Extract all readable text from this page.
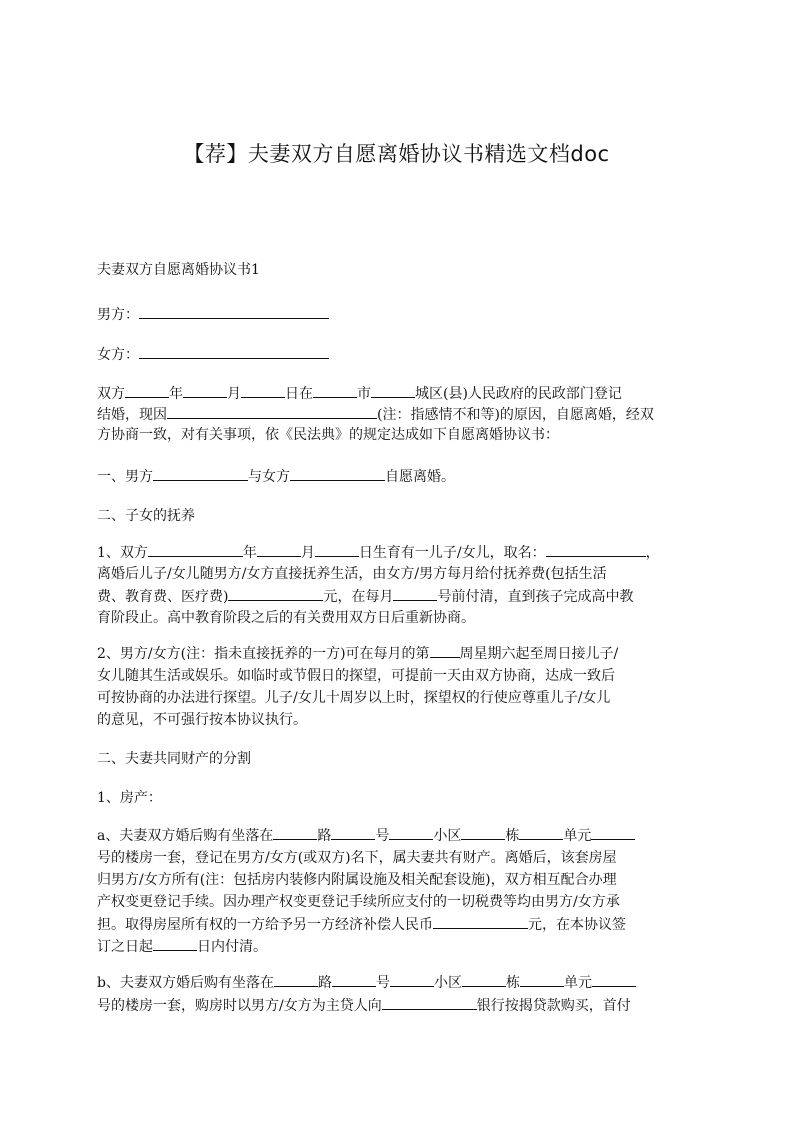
【荐】夫妻双方自愿离婚协议书精选文档doc
夫妻双方自愿离婚协议书1
男方：
女方：
双方	年	月	日在	市	城区(县)人民政府的民政部门登记
结婚，现因	(注：指感情不和等)的原因，自愿离婚，经双
方协商一致，对有关事项，依《民法典》的规定达成如下自愿离婚协议书：
一、男方	与女方	自愿离婚。
二、子女的抚养
1、双方	年	月	日生育有一儿子/女儿，取名：	，
离婚后儿子/女儿随男方/女方直接抚养生活，由女方/男方每月给付抚养费(包括生活
费、教育费、医疗费)	元，在每月	号前付清，直到孩子完成高中教
育阶段止。高中教育阶段之后的有关费用双方日后重新协商。
2、男方/女方(注：指未直接抚养的一方)可在每月的第 周星期六起至周日接儿子/
女儿随其生活或娱乐。如临时或节假日的探望，可提前一天由双方协商，达成一致后
可按协商的办法进行探望。儿子/女儿十周岁以上时，探望权的行使应尊重儿子/女儿
的意见，不可强行按本协议执行。
二、夫妻共同财产的分割
1、房产：
a、夫妻双方婚后购有坐落在	路	号	小区	栋	单元
号的楼房一套，登记在男方/女方(或双方)名下，属夫妻共有财产。离婚后，该套房屋
归男方/女方所有(注：包括房内装修内附属设施及相关配套设施)，双方相互配合办理
产权变更登记手续。因办理产权变更登记手续所应支付的一切税费等均由男方/女方承
担。取得房屋所有权的一方给予另一方经济补偿人民币	元，在本协议签
订之日起	日内付清。
b、夫妻双方婚后购有坐落在	路	号	小区	栋	单元
号的楼房一套，购房时以男方/女方为主贷人向	银行按揭贷款购买，首付
